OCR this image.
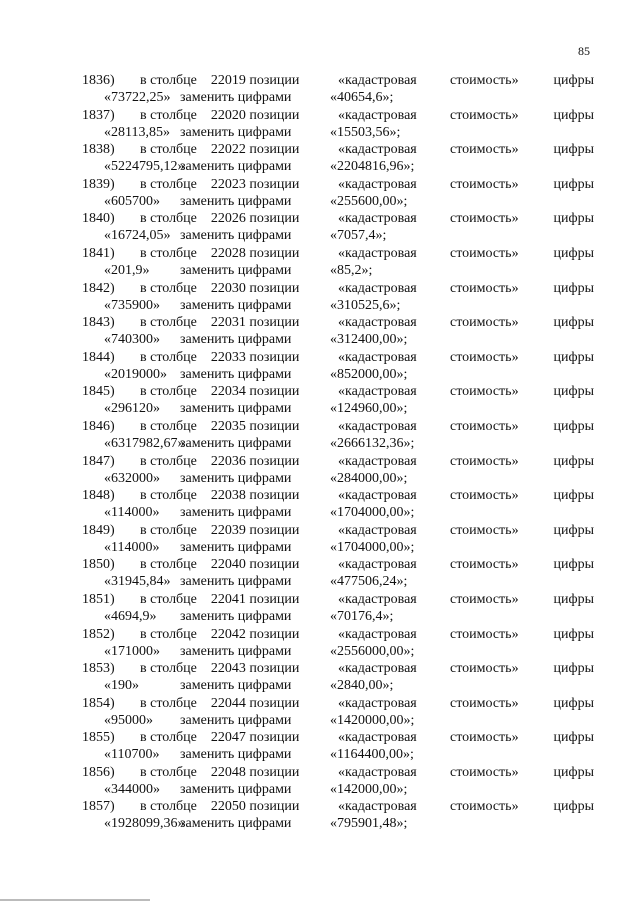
85
1836) в столбце 22019 позиции	«кадастровая стоимость» цифры
«73722,25» заменить цифрами	«40654,6»;
1837) в столбце 22020 позиции	«кадастровая стоимость» цифры
«28113,85» заменить цифрами	«15503,56»;
1838) в столбце 22022 позиции	«кадастровая стоимость» цифры
«5224795,12»
заменить цифрами	«2204816,96»;
1839) в столбце 22023 позиции	«кадастровая стоимость» цифры
«605700» заменить цифрами	«255600,00»;
1840) в столбце 22026 позиции	«кадастровая стоимость» цифры
«16724,05» заменить цифрами	«7057,4»;
1841) в столбце 22028 позиции	«кадастровая стоимость» цифры
«201,9» заменить цифрами	«85,2»;
1842) в столбце 22030 позиции	«кадастровая стоимость» цифры
«735900» заменить цифрами	«310525,6»;
1843) в столбце 22031 позиции	«кадастровая стоимость» цифры
«740300» заменить цифрами	«312400,00»;
1844) в столбце 22033 позиции	«кадастровая стоимость» цифры
«2019000» заменить цифрами	«852000,00»;
1845) в столбце 22034 позиции	«кадастровая стоимость» цифры
«296120» заменить цифрами	«124960,00»;
1846) в столбце 22035 позиции	«кадастровая стоимость» цифры
«6317982,67»
заменить цифрами	«2666132,36»;
1847) в столбце 22036 позиции	«кадастровая стоимость» цифры
«632000» заменить цифрами	«284000,00»;
1848) в столбце 22038 позиции	«кадастровая стоимость» цифры
«114000» заменить цифрами	«1704000,00»;
1849) в столбце 22039 позиции	«кадастровая стоимость» цифры
«114000» заменить цифрами	«1704000,00»;
1850) в столбце 22040 позиции	«кадастровая стоимость» цифры
«31945,84» заменить цифрами	«477506,24»;
1851) в столбце 22041 позиции	«кадастровая стоимость» цифры
«4694,9» заменить цифрами	«70176,4»;
1852) в столбце 22042 позиции	«кадастровая стоимость» цифры
«171000» заменить цифрами	«2556000,00»;
1853) в столбце 22043 позиции	«кадастровая стоимость» цифры
«190»	заменить цифрами	«2840,00»;
1854) в столбце 22044 позиции	«кадастровая стоимость» цифры
«95000» заменить цифрами	«1420000,00»;
1855) в столбце 22047 позиции	«кадастровая стоимость» цифры
«110700» заменить цифрами	«1164400,00»;
1856) в столбце 22048 позиции	«кадастровая стоимость» цифры
«344000» заменить цифрами	«142000,00»;
1857) в столбце 22050 позиции	«кадастровая стоимость» цифры
«1928099,36»
заменить цифрами	«795901,48»;
